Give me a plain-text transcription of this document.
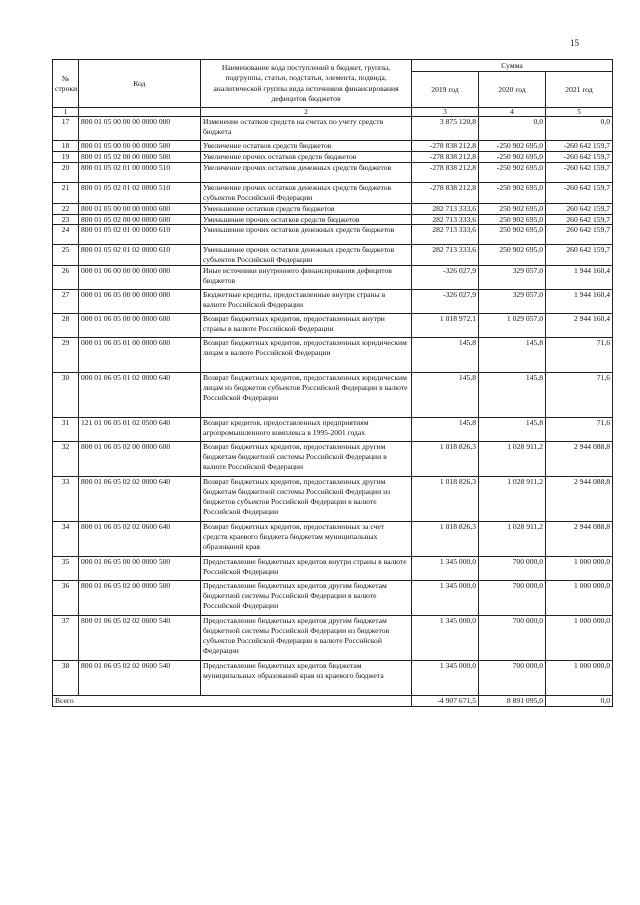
15
№ строки	Код	Наименование кода поступлений в бюджет, группы, подгруппы, статьи, подстатьи, элемента, подвида, аналитической группы вида источников финансирования дефицитов бюджетов	Сумма		
			2019 год	2020 год	2021 год
1		2	3	4	5
17	800 01 05 00 00 00 0000 000	Изменение остатков средств на счетах по учету средств бюджета	3 875 120,8	0,0	0,0
18	800 01 05 00 00 00 0000 500	Увеличение остатков средств бюджетов	-278 838 212,8	-250 902 695,0	-260 642 159,7
19	800 01 05 02 00 00 0000 500	Увеличение прочих остатков средств бюджетов	-278 838 212,8	-250 902 695,0	-260 642 159,7
20	800 01 05 02 01 00 0000 510	Увеличение прочих остатков денежных средств бюджетов	-278 838 212,8	-250 902 695,0	-260 642 159,7
21	800 01 05 02 01 02 0000 510	Увеличение прочих остатков денежных средств бюджетов субъектов Российской Федерации	-278 838 212,8	-250 902 695,0	-260 642 159,7
22	800 01 05 00 00 00 0000 600	Уменьшение остатков средств бюджетов	282 713 333,6	250 902 695,0	260 642 159,7
23	800 01 05 02 00 00 0000 600	Уменьшение прочих остатков средств бюджетов	282 713 333,6	250 902 695,0	260 642 159,7
24	800 01 05 02 01 00 0000 610	Уменьшение прочих остатков денежных средств бюджетов	282 713 333,6	250 902 695,0	260 642 159,7
25	800 01 05 02 01 02 0000 610	Уменьшение прочих остатков денежных средств бюджетов субъектов Российской Федерации	282 713 333,6	250 902 695,0	260 642 159,7
26	000 01 06 00 00 00 0000 000	Иные источники внутреннего финансирования дефицитов бюджетов	-326 027,9	329 057,0	1 944 160,4
27	000 01 06 05 00 00 0000 000	Бюджетные кредиты, предоставленные внутри страны в валюте Российской Федерации	-326 027,9	329 057,0	1 944 160,4
28	000 01 06 05 00 00 0000 600	Возврат бюджетных кредитов, предоставленных внутри страны в валюте Российской Федерации	1 018 972,1	1 029 057,0	2 944 160,4
29	000 01 06 05 01 00 0000 600	Возврат бюджетных кредитов, предоставленных юридическим лицам в валюте Российской Федерации	145,8	145,8	71,6
30	000 01 06 05 01 02 0000 640	Возврат бюджетных кредитов, предоставленных юридическим лицам из бюджетов субъектов Российской Федерации в валюте Российской Федерации	145,8	145,8	71,6
31	121 01 06 05 01 02 0500 640	Возврат кредитов, предоставленных предприятиям агропромышленного комплекса в 1995-2001 годах	145,8	145,8	71,6
32	800 01 06 05 02 00 0000 600	Возврат бюджетных кредитов, предоставленных другим бюджетам бюджетной системы Российской Федерации в валюте Российской Федерации	1 018 826,3	1 028 911,2	2 944 088,8
33	800 01 06 05 02 02 0000 640	Возврат бюджетных кредитов, предоставленных другим бюджетам бюджетной системы Российской Федерации из бюджетов субъектов Российской Федерации в валюте Российской Федерации	1 018 826,3	1 028 911,2	2 944 088,8
34	800 01 06 05 02 02 0600 640	Возврат бюджетных кредитов, предоставленных за счет средств краевого бюджета бюджетам муниципальных образований края	1 018 826,3	1 028 911,2	2 944 088,8
35	000 01 06 05 00 00 0000 500	Предоставление бюджетных кредитов внутри страны в валюте Российской Федерации	1 345 000,0	700 000,0	1 000 000,0
36	800 01 06 05 02 00 0000 500	Предоставление бюджетных кредитов другим бюджетам бюджетной системы Российской Федерации в валюте Российской Федерации	1 345 000,0	700 000,0	1 000 000,0
37	800 01 06 05 02 02 0000 540	Предоставление бюджетных кредитов другим бюджетам бюджетной системы Российской Федерации из бюджетов субъектов Российской Федерации в валюте Российской Федерации	1 345 000,0	700 000,0	1 000 000,0
38	800 01 06 05 02 02 0600 540	Предоставление бюджетных кредитов бюджетам муниципальных образований края из краевого бюджета	1 345 000,0	700 000,0	1 000 000,0
Всего			-4 907 671,5	8 891 095,0	0,0
